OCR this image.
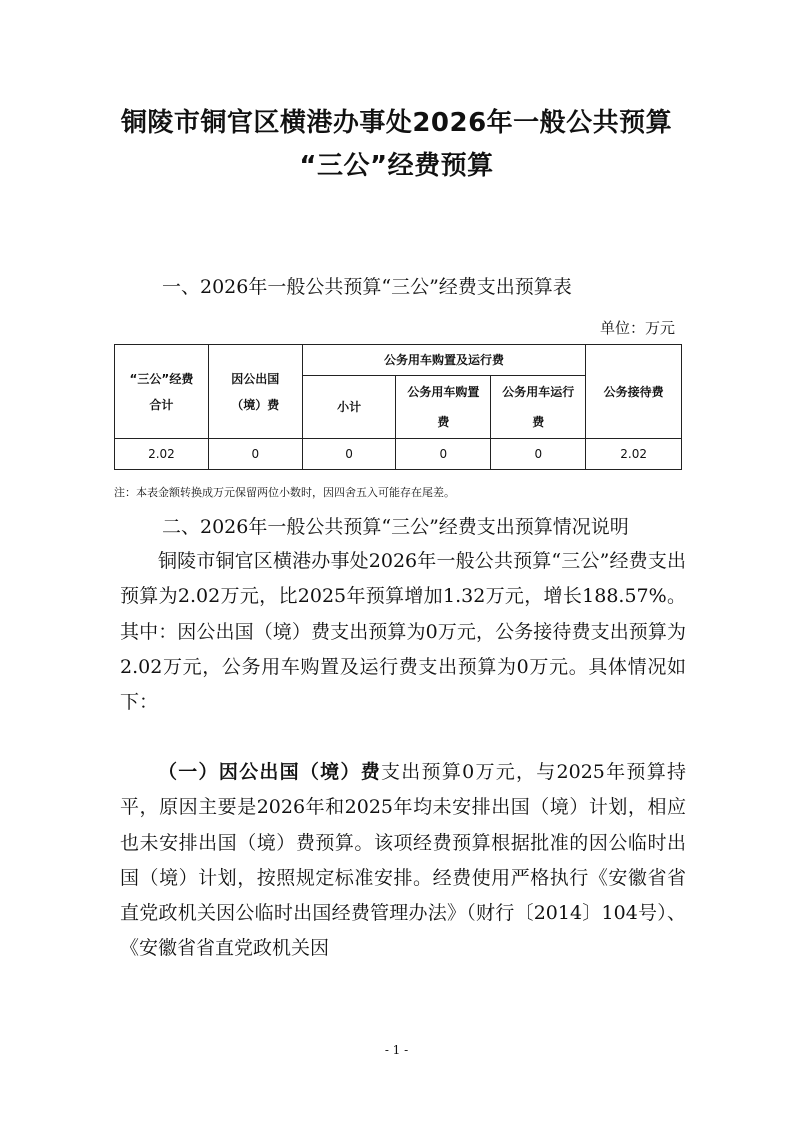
铜陵市铜官区横港办事处2026年一般公共预算
“三公”经费预算
一、2026年一般公共预算“三公”经费支出预算表
单位：万元
“三公”经费合计	因公出国（境）费	公务用车购置及运行费			公务接待费
		小计	公务用车购置费	公务用车运行费	

2.02	0	0	0	0	2.02
注：本表金额转换成万元保留两位小数时，因四舍五入可能存在尾差。

二、2026年一般公共预算“三公”经费支出预算情况说明

铜陵市铜官区横港办事处2026年一般公共预算“三公”经费支出预算为2.02万元，比2025年预算增加1.32万元，增长188.57%。其中：因公出国（境）费支出预算为0万元，公务接待费支出预算为2.02万元，公务用车购置及运行费支出预算为0万元。具体情况如下：

（一）因公出国（境）费支出预算0万元，与2025年预算持平，原因主要是2026年和2025年均未安排出国（境）计划，相应也未安排出国（境）费预算。该项经费预算根据批准的因公临时出国（境）计划，按照规定标准安排。经费使用严格执行《安徽省省直党政机关因公临时出国经费管理办法》（财行〔2014〕104号）、《安徽省省直党政机关因

- 1 -
